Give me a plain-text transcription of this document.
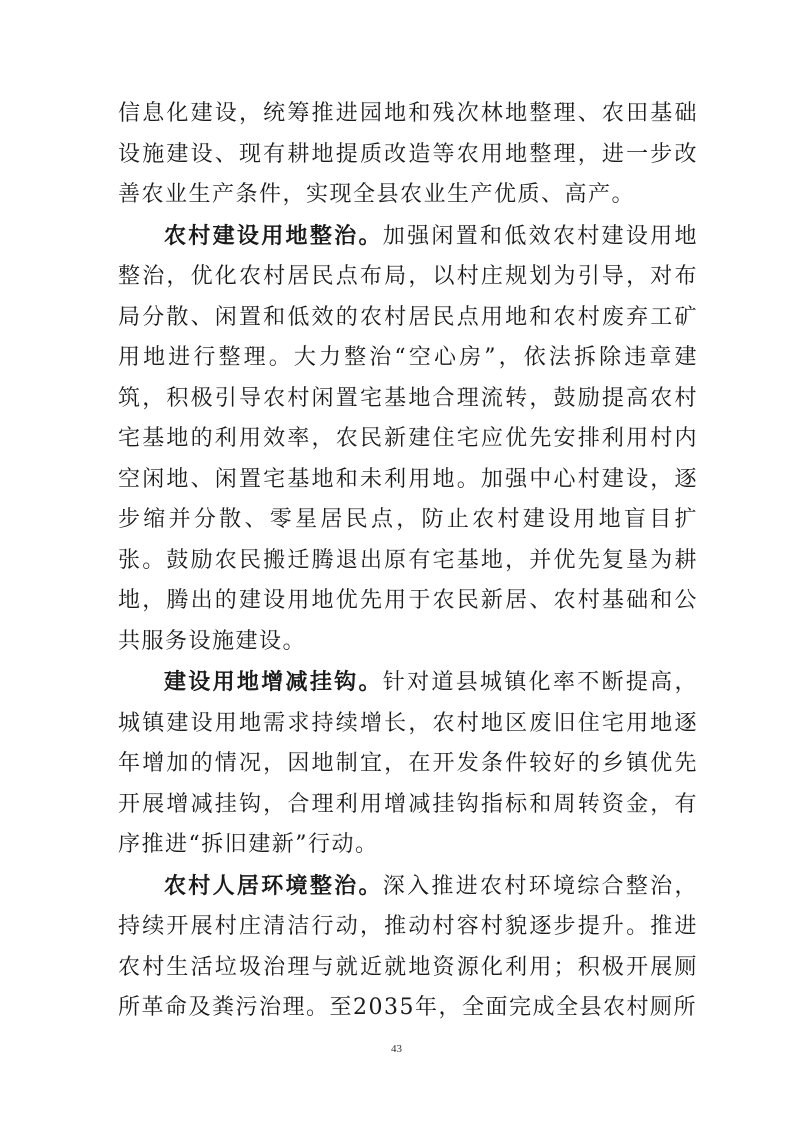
信息化建设，统筹推进园地和残次林地整理、农田基础设施建设、现有耕地提质改造等农用地整理，进一步改善农业生产条件，实现全县农业生产优质、高产。

农村建设用地整治。加强闲置和低效农村建设用地整治，优化农村居民点布局，以村庄规划为引导，对布局分散、闲置和低效的农村居民点用地和农村废弃工矿用地进行整理。大力整治“空心房”，依法拆除违章建筑，积极引导农村闲置宅基地合理流转，鼓励提高农村宅基地的利用效率，农民新建住宅应优先安排利用村内空闲地、闲置宅基地和未利用地。加强中心村建设，逐步缩并分散、零星居民点，防止农村建设用地盲目扩张。鼓励农民搬迁腾退出原有宅基地，并优先复垦为耕地，腾出的建设用地优先用于农民新居、农村基础和公共服务设施建设。

建设用地增减挂钩。针对道县城镇化率不断提高，城镇建设用地需求持续增长，农村地区废旧住宅用地逐年增加的情况，因地制宜，在开发条件较好的乡镇优先开展增减挂钩，合理利用增减挂钩指标和周转资金，有序推进“拆旧建新”行动。

农村人居环境整治。深入推进农村环境综合整治，持续开展村庄清洁行动，推动村容村貌逐步提升。推进农村生活垃圾治理与就近就地资源化利用；积极开展厕所革命及粪污治理。至2035年，全面完成全县农村厕所

43
